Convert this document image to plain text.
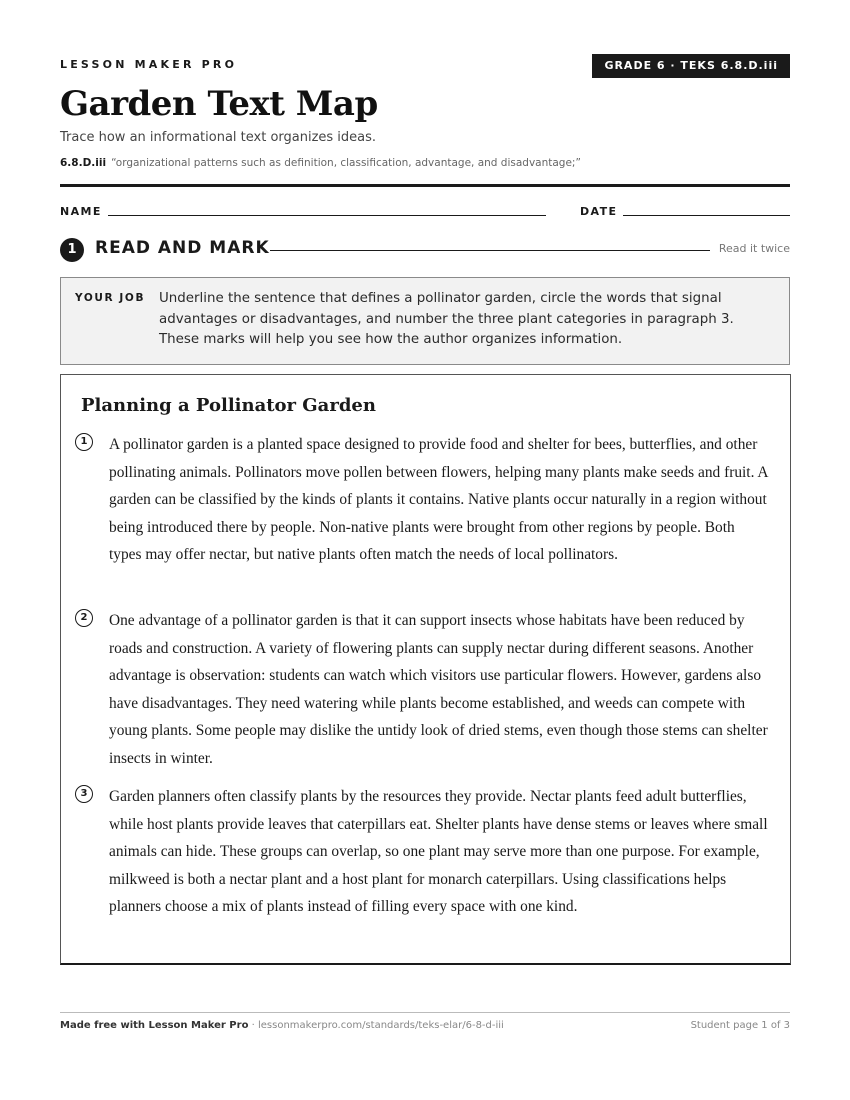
LESSON MAKER PRO	GRADE 6 · TEKS 6.8.D.iii
Garden Text Map
Trace how an informational text organizes ideas.
6.8.D.iii “organizational patterns such as definition, classification, advantage, and disadvantage;”
NAME	DATE
1	READ AND MARK	Read it twice
YOUR JOB Underline the sentence that defines a pollinator garden, circle the words that signal advantages or disadvantages, and number the three plant categories in paragraph 3. These marks will help you see how the author organizes information.
Planning a Pollinator Garden
1	A pollinator garden is a planted space designed to provide food and shelter for bees, butterflies, and other pollinating animals. Pollinators move pollen between flowers, helping many plants make seeds and fruit. A garden can be classified by the kinds of plants it contains. Native plants occur naturally in a region without being introduced there by people. Non-native plants were brought from other regions by people. Both types may offer nectar, but native plants often match the needs of local pollinators.
2	One advantage of a pollinator garden is that it can support insects whose habitats have been reduced by roads and construction. A variety of flowering plants can supply nectar during different seasons. Another advantage is observation: students can watch which visitors use particular flowers. However, gardens also have disadvantages. They need watering while plants become established, and weeds can compete with young plants. Some people may dislike the untidy look of dried stems, even though those stems can shelter insects in winter.
3	Garden planners often classify plants by the resources they provide. Nectar plants feed adult butterflies, while host plants provide leaves that caterpillars eat. Shelter plants have dense stems or leaves where small animals can hide. These groups can overlap, so one plant may serve more than one purpose. For example, milkweed is both a nectar plant and a host plant for monarch caterpillars. Using classifications helps planners choose a mix of plants instead of filling every space with one kind.
Made free with Lesson Maker Pro · lessonmakerpro.com/standards/teks-elar/6-8-d-iii	Student page 1 of 3
